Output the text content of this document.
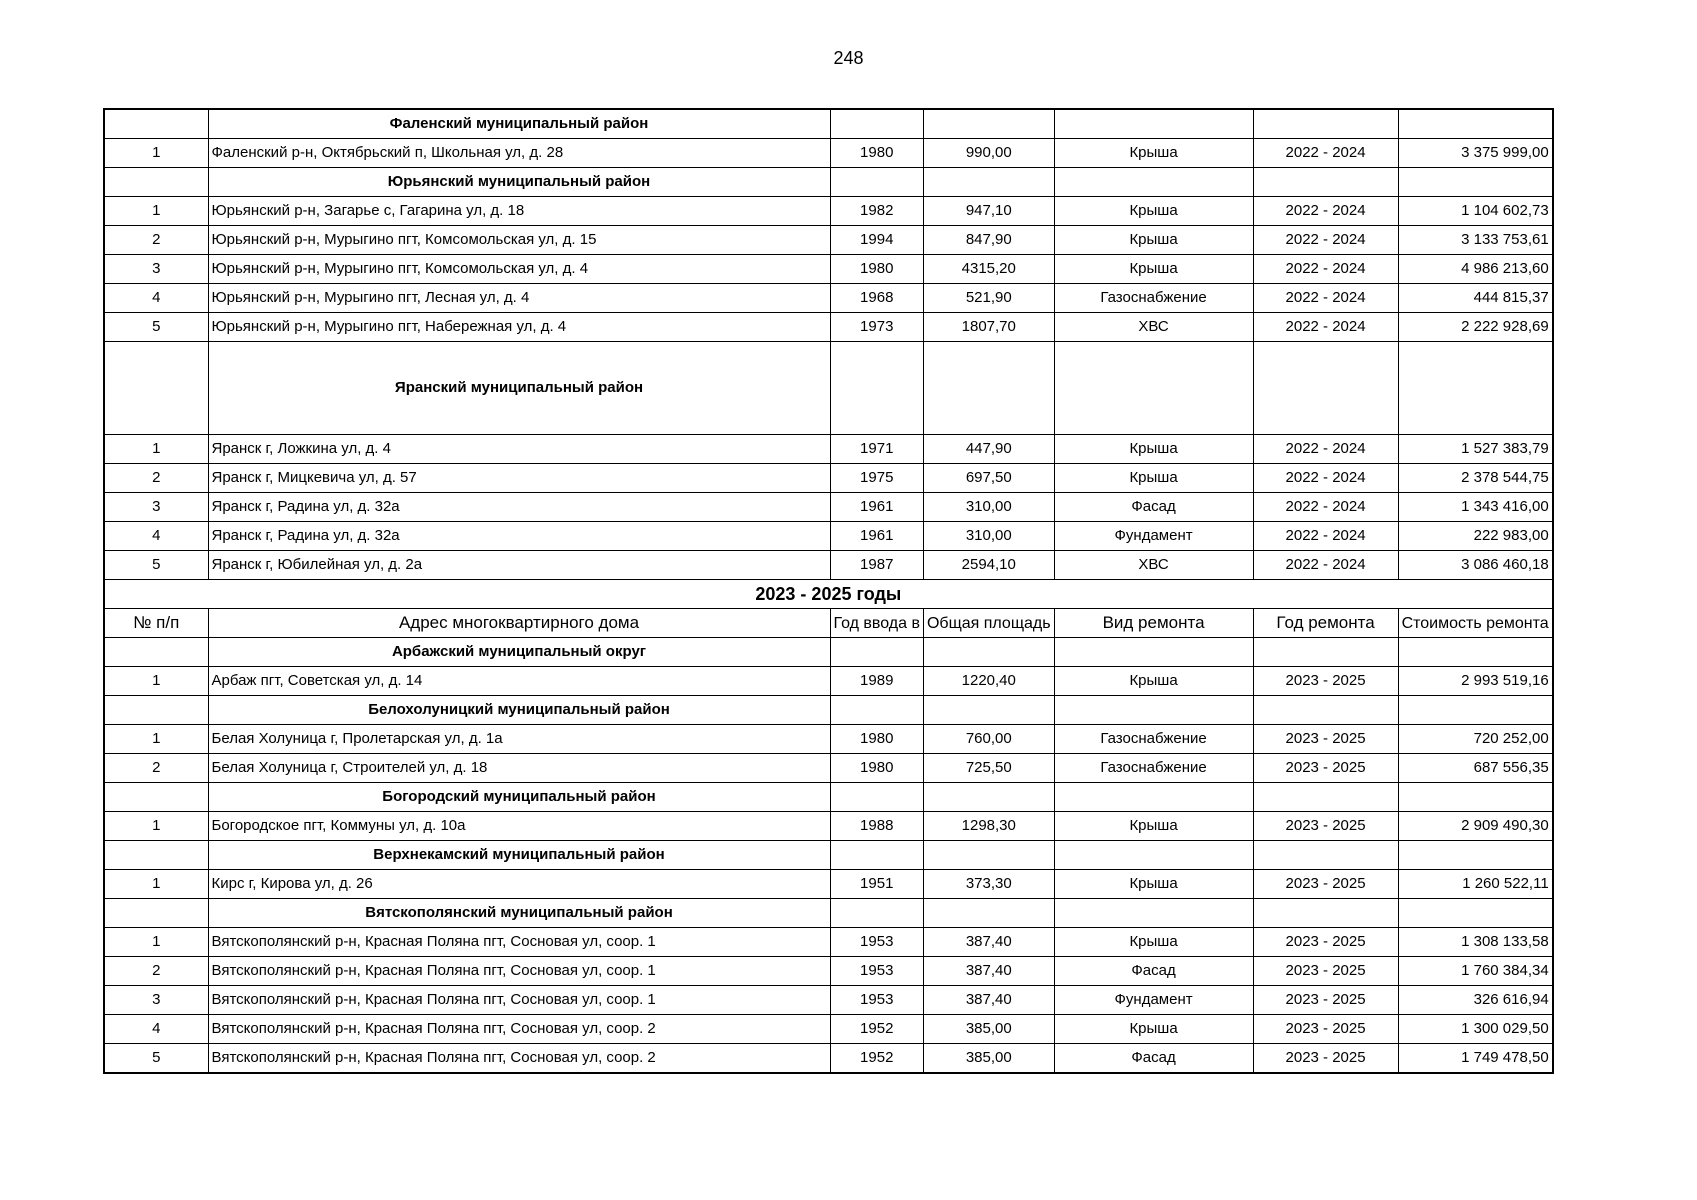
248
	Фаленский муниципальный район					
1	Фаленский р-н, Октябрьский п, Школьная ул, д. 28	1980	990,00	Крыша	2022 - 2024	3 375 999,00
	Юрьянский муниципальный район					
1	Юрьянский р-н, Загарье с, Гагарина ул, д. 18	1982	947,10	Крыша	2022 - 2024	1 104 602,73
2	Юрьянский р-н, Мурыгино пгт, Комсомольская ул, д. 15	1994	847,90	Крыша	2022 - 2024	3 133 753,61
3	Юрьянский р-н, Мурыгино пгт, Комсомольская ул, д. 4	1980	4315,20	Крыша	2022 - 2024	4 986 213,60
4	Юрьянский р-н, Мурыгино пгт, Лесная ул, д. 4	1968	521,90	Газоснабжение	2022 - 2024	444 815,37
5	Юрьянский р-н, Мурыгино пгт, Набережная ул, д. 4	1973	1807,70	ХВС	2022 - 2024	2 222 928,69
	Яранский муниципальный район					
1	Яранск г, Ложкина ул, д. 4	1971	447,90	Крыша	2022 - 2024	1 527 383,79
2	Яранск г, Мицкевича ул, д. 57	1975	697,50	Крыша	2022 - 2024	2 378 544,75
3	Яранск г, Радина ул, д. 32а	1961	310,00	Фасад	2022 - 2024	1 343 416,00
4	Яранск г, Радина ул, д. 32а	1961	310,00	Фундамент	2022 - 2024	222 983,00
5	Яранск г, Юбилейная ул, д. 2а	1987	2594,10	ХВС	2022 - 2024	3 086 460,18
2023 - 2025 годы						
№ п/п	Адрес многоквартирного дома	Год ввода в	Общая площадь	Вид ремонта	Год ремонта	Стоимость ремонта

	Арбажский муниципальный округ					
1	Арбаж пгт, Советская ул, д. 14	1989	1220,40	Крыша	2023 - 2025	2 993 519,16
	Белохолуницкий муниципальный район					
1	Белая Холуница г, Пролетарская ул, д. 1а	1980	760,00	Газоснабжение	2023 - 2025	720 252,00
2	Белая Холуница г, Строителей ул, д. 18	1980	725,50	Газоснабжение	2023 - 2025	687 556,35
	Богородский муниципальный район					
1	Богородское пгт, Коммуны ул, д. 10а	1988	1298,30	Крыша	2023 - 2025	2 909 490,30
	Верхнекамский муниципальный район					
1	Кирс г, Кирова ул, д. 26	1951	373,30	Крыша	2023 - 2025	1 260 522,11
	Вятскополянский муниципальный район					
1	Вятскополянский р-н, Красная Поляна пгт, Сосновая ул, соор. 1	1953	387,40	Крыша	2023 - 2025	1 308 133,58
2	Вятскополянский р-н, Красная Поляна пгт, Сосновая ул, соор. 1	1953	387,40	Фасад	2023 - 2025	1 760 384,34
3	Вятскополянский р-н, Красная Поляна пгт, Сосновая ул, соор. 1	1953	387,40	Фундамент	2023 - 2025	326 616,94
4	Вятскополянский р-н, Красная Поляна пгт, Сосновая ул, соор. 2	1952	385,00	Крыша	2023 - 2025	1 300 029,50
5	Вятскополянский р-н, Красная Поляна пгт, Сосновая ул, соор. 2	1952	385,00	Фасад	2023 - 2025	1 749 478,50
